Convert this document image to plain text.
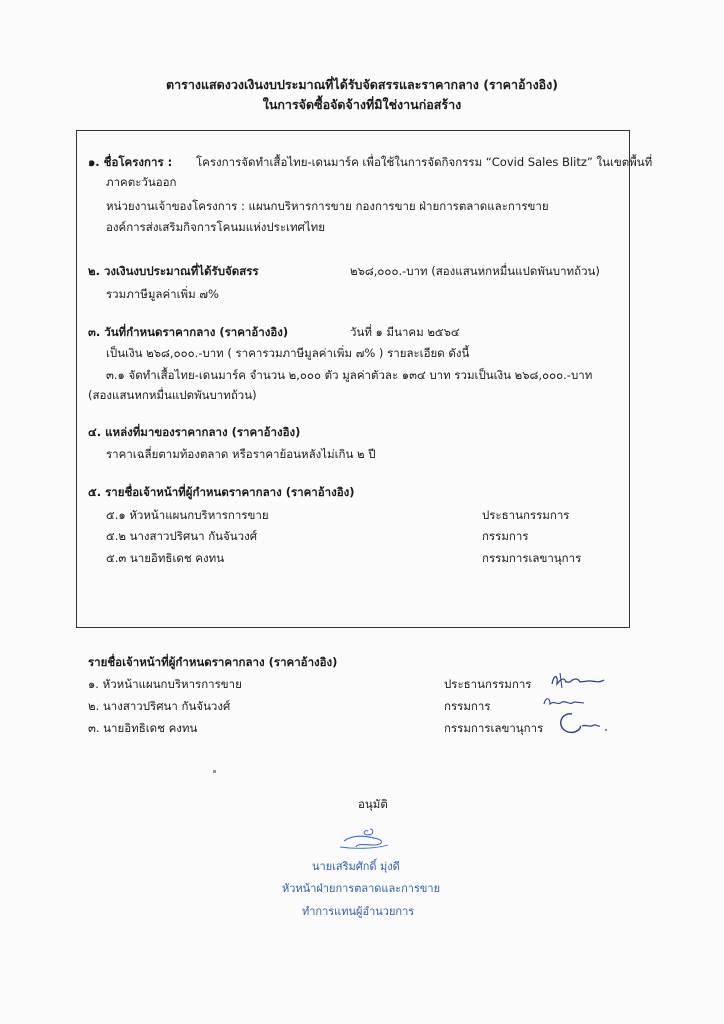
ตารางแสดงวงเงินงบประมาณที่ได้รับจัดสรรและราคากลาง (ราคาอ้างอิง)
ในการจัดซื้อจัดจ้างที่มิใช่งานก่อสร้าง
๑. ชื่อโครงการ : โครงการจัดทำเสื้อไทย-เดนมาร์ค เพื่อใช้ในการจัดกิจกรรม “Covid Sales Blitz” ในเขตพื้นที่
ภาคตะวันออก
หน่วยงานเจ้าของโครงการ : แผนกบริหารการขาย กองการขาย ฝ่ายการตลาดและการขาย
องค์การส่งเสริมกิจการโคนมแห่งประเทศไทย
๒. วงเงินงบประมาณที่ได้รับจัดสรร	๒๖๘,๐๐๐.-บาท (สองแสนหกหมื่นแปดพันบาทถ้วน)
รวมภาษีมูลค่าเพิ่ม ๗%
๓. วันที่กำหนดราคากลาง (ราคาอ้างอิง)	วันที่ ๑ มีนาคม ๒๕๖๔
เป็นเงิน ๒๖๘,๐๐๐.-บาท ( ราคารวมภาษีมูลค่าเพิ่ม ๗% ) รายละเอียด ดังนี้
๓.๑ จัดทำเสื้อไทย-เดนมาร์ค จำนวน ๒,๐๐๐ ตัว มูลค่าตัวละ ๑๓๔ บาท รวมเป็นเงิน ๒๖๘,๐๐๐.-บาท
(สองแสนหกหมื่นแปดพันบาทถ้วน)
๔. แหล่งที่มาของราคากลาง (ราคาอ้างอิง)
ราคาเฉลี่ยตามท้องตลาด หรือราคาย้อนหลังไม่เกิน ๒ ปี
๕. รายชื่อเจ้าหน้าที่ผู้กำหนดราคากลาง (ราคาอ้างอิง)
๕.๑ หัวหน้าแผนกบริหารการขาย	ประธานกรรมการ
๕.๒ นางสาวปริศนา กันจันวงศ์	กรรมการ
๕.๓ นายอิทธิเดช คงทน	กรรมการเลขานุการ
รายชื่อเจ้าหน้าที่ผู้กำหนดราคากลาง (ราคาอ้างอิง)
๑. หัวหน้าแผนกบริหารการขาย	ประธานกรรมการ
๒. นางสาวปริศนา กันจันวงศ์	กรรมการ
๓. นายอิทธิเดช คงทน	กรรมการเลขานุการ
อนุมัติ
นายเสริมศักดิ์ มุ่งดี
หัวหน้าฝ่ายการตลาดและการขาย
ทำการแทนผู้อำนวยการ
